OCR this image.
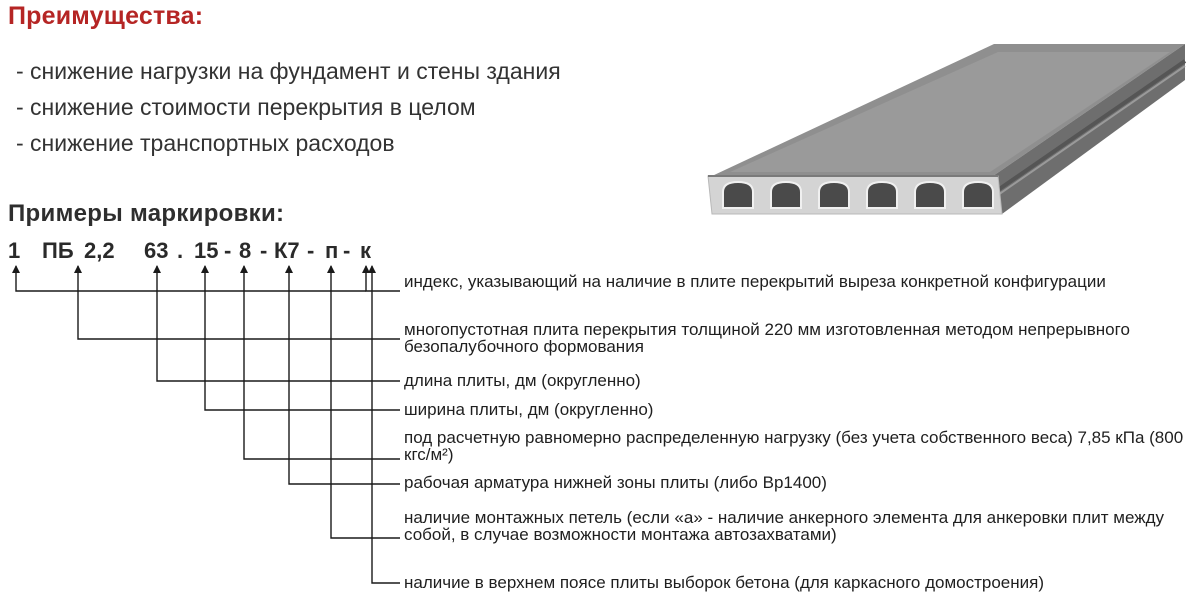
Преимущества:
- снижение нагрузки на фундамент и стены здания
- снижение стоимости перекрытия в целом
- снижение транспортных расходов
Примеры маркировки:
1 ПБ 2,2 63 . 15 - 8 - К7 - п - к
индекс, указывающий на наличие в плите перекрытий выреза конкретной конфигурации
многопустотная плита перекрытия толщиной 220 мм изготовленная методом непрерывного безопалубочного формования
длина плиты, дм (округленно)
ширина плиты, дм (округленно)
под расчетную равномерно распределенную нагрузку (без учета собственного веса) 7,85 кПа (800 кгс/м²)
рабочая арматура нижней зоны плиты (либо Вр1400)
наличие монтажных петель (если «а» - наличие анкерного элемента для анкеровки плит между собой, в случае возможности монтажа автозахватами)
наличие в верхнем поясе плиты выборок бетона (для каркасного домостроения)
